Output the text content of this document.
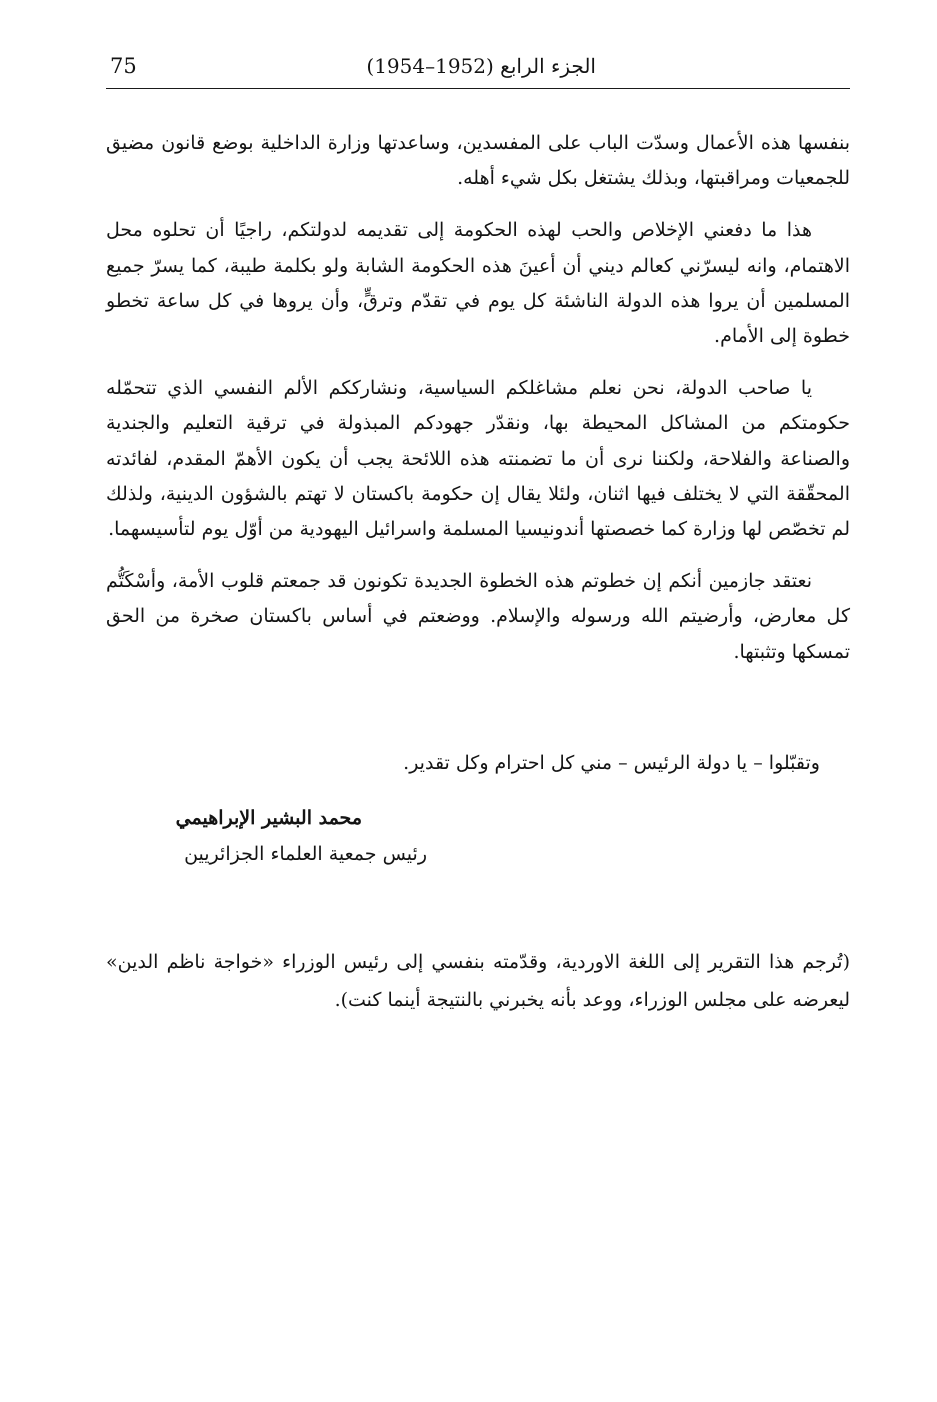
75	الجزء الرابع (1952–1954)

بنفسها هذه الأعمال وسدّت الباب على المفسدين، وساعدتها وزارة الداخلية بوضع قانون مضيق للجمعيات ومراقبتها، وبذلك يشتغل بكل شيء أهله.

هذا ما دفعني الإخلاص والحب لهذه الحكومة إلى تقديمه لدولتكم، راجيًا أن تحلوه محل الاهتمام، وانه ليسرّني كعالم ديني أن أعينَ هذه الحكومة الشابة ولو بكلمة طيبة، كما يسرّ جميع المسلمين أن يروا هذه الدولة الناشئة كل يوم في تقدّم وترقٍّ، وأن يروها في كل ساعة تخطو خطوة إلى الأمام.

يا صاحب الدولة، نحن نعلم مشاغلكم السياسية، ونشارككم الألم النفسي الذي تتحمّله حكومتكم من المشاكل المحيطة بها، ونقدّر جهودكم المبذولة في ترقية التعليم والجندية والصناعة والفلاحة، ولكننا نرى أن ما تضمنته هذه اللائحة يجب أن يكون الأهمّ المقدم، لفائدته المحقّقة التي لا يختلف فيها اثنان، ولئلا يقال إن حكومة باكستان لا تهتم بالشؤون الدينية، ولذلك لم تخصّص لها وزارة كما خصصتها أندونيسيا المسلمة واسرائيل اليهودية من أوّل يوم لتأسيسهما.

نعتقد جازمين أنكم إن خطوتم هذه الخطوة الجديدة تكونون قد جمعتم قلوب الأمة، وأسْكَتُّم كل معارض، وأرضيتم الله ورسوله والإسلام. ووضعتم في أساس باكستان صخرة من الحق تمسكها وتثبتها.

وتقبّلوا – يا دولة الرئيس – مني كل احترام وكل تقدير.
محمد البشير الإبراهيمي
رئيس جمعية العلماء الجزائريين

(تُرجم هذا التقرير إلى اللغة الاوردية، وقدّمته بنفسي إلى رئيس الوزراء «خواجة ناظم الدين» ليعرضه على مجلس الوزراء، ووعد بأنه يخبرني بالنتيجة أينما كنت).
